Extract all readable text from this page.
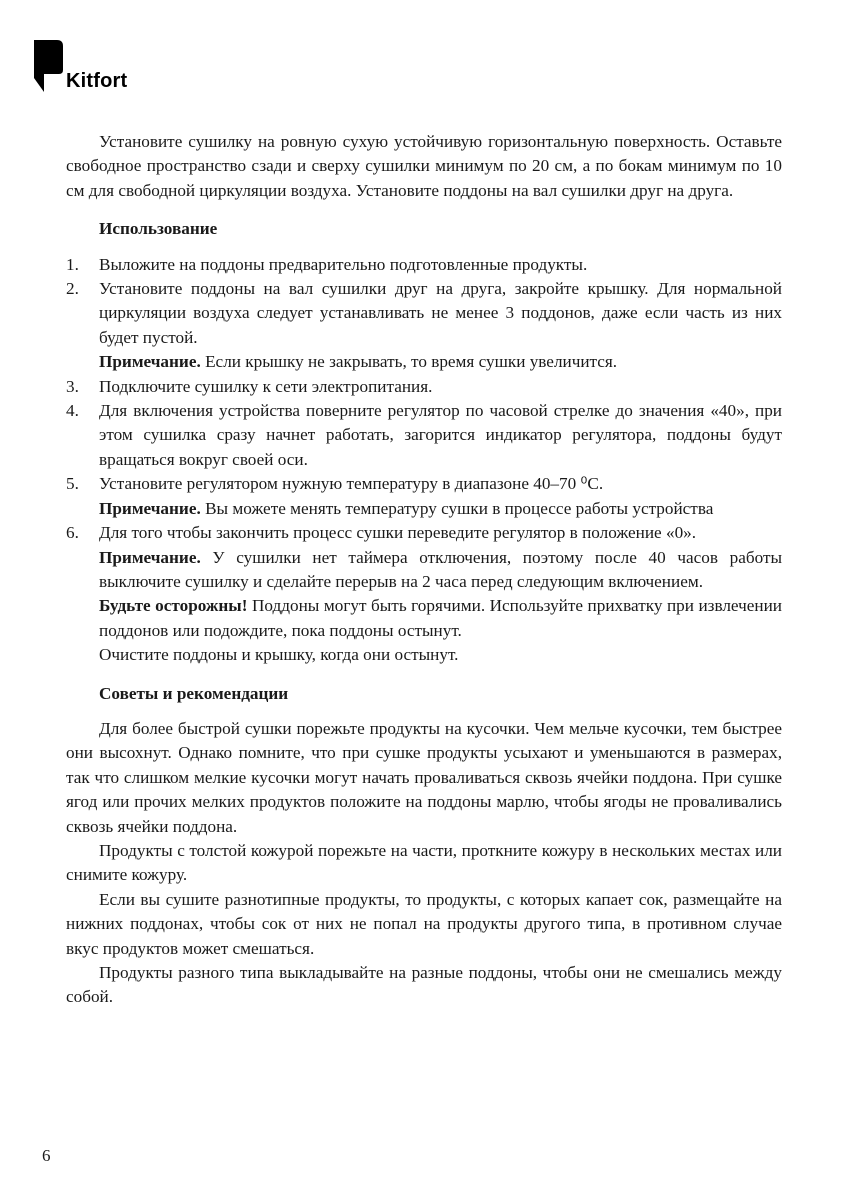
Kitfort

Установите сушилку на ровную сухую устойчивую горизонтальную поверхность. Оставьте свободное пространство сзади и сверху сушилки минимум по 20 см, а по бокам минимум по 10 см для свободной циркуляции воздуха. Установите поддоны на вал сушилки друг на друга.

Использование

1. Выложите на поддоны предварительно подготовленные продукты.
2. Установите поддоны на вал сушилки друг на друга, закройте крышку. Для нормальной циркуляции воздуха следует устанавливать не менее 3 поддонов, даже если часть из них будет пустой.

Примечание. Если крышку не закрывать, то время сушки увеличится.

3. Подключите сушилку к сети электропитания.
4. Для включения устройства поверните регулятор по часовой стрелке до значения «40», при этом сушилка сразу начнет работать, загорится индикатор регулятора, поддоны будут вращаться вокруг своей оси.
5. Установите регулятором нужную температуру в диапазоне 40–70 ⁰С.

Примечание. Вы можете менять температуру сушки в процессе работы устройства

6. Для того чтобы закончить процесс сушки переведите регулятор в положение «0».

Примечание. У сушилки нет таймера отключения, поэтому после 40 часов работы выключите сушилку и сделайте перерыв на 2 часа перед следующим включением.

Будьте осторожны! Поддоны могут быть горячими. Используйте прихватку при извлечении поддонов или подождите, пока поддоны остынут.

Очистите поддоны и крышку, когда они остынут.

Советы и рекомендации

Для более быстрой сушки порежьте продукты на кусочки. Чем мельче кусочки, тем быстрее они высохнут. Однако помните, что при сушке продукты усыхают и уменьшаются в размерах, так что слишком мелкие кусочки могут начать проваливаться сквозь ячейки поддона. При сушке ягод или прочих мелких продуктов положите на поддоны марлю, чтобы ягоды не проваливались сквозь ячейки поддона.

Продукты с толстой кожурой порежьте на части, проткните кожуру в нескольких местах или снимите кожуру.

Если вы сушите разнотипные продукты, то продукты, с которых капает сок, размещайте на нижних поддонах, чтобы сок от них не попал на продукты другого типа, в противном случае вкус продуктов может смешаться.

Продукты разного типа выкладывайте на разные поддоны, чтобы они не смешались между собой.

6
